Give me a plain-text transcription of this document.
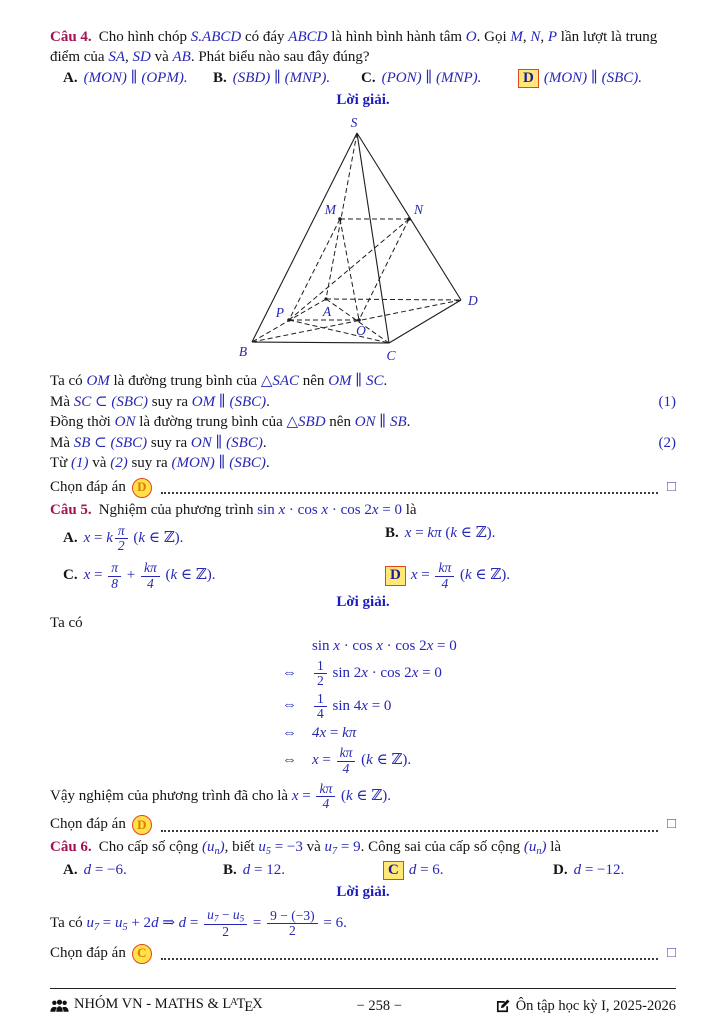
Câu 4. Cho hình chóp S.ABCD có đáy ABCD là hình bình hành tâm O. Gọi M, N, P lần lượt là trung điểm của SA, SD và AB. Phát biểu nào sau đây đúng?

A. (MON) ∥ (OPM).	B. (SBD) ∥ (MNP).	C. (PON) ∥ (MNP).	D (MON) ∥ (SBC).
Lời giải.
S
M	N
A
D
P
O
B	C
Ta có OM là đường trung bình của △SAC nên OM ∥ SC.
Mà SC ⊂ (SBC) suy ra OM ∥ (SBC).	(1)
Đồng thời ON là đường trung bình của △SBD nên ON ∥ SB.
Mà SB ⊂ (SBC) suy ra ON ∥ (SBC).	(2)
Từ (1) và (2) suy ra (MON) ∥ (SBC).
Chọn đáp án D	□

Câu 5. Nghiệm của phương trình sin x · cos x · cos 2x = 0 là

A. x = k $\frac{\pi}{2} (k$ ∈ ℤ).	B. x = kπ (k ∈ ℤ).
C. $x = \frac{\pi}{8} + \frac{k\pi}{4} (k$ ∈ ℤ).	D $x = \frac{k\pi}{4} (k$ ∈ ℤ).
Lời giải.

Ta có

sin x · cos x · cos 2x = 0
⇔	$\frac{1}{2}$ sin 2x · cos 2x = 0
⇔	$\frac{1}{4}$ sin 4x = 0
⇔	4x = kπ
⇔	$x = \frac{k\pi}{4} (k$ ∈ ℤ).

Vậy nghiệm của phương trình đã cho là $x = \frac{k\pi}{4} (k$ ∈ ℤ).

Chọn đáp án D	□

Câu 6. Cho cấp số cộng (un), biết u5 = −3 và u7 = 9. Công sai của cấp số cộng (un) là

A. d = −6.	B. d = 12.	C d = 6.	D. d = −12.
Lời giải.

Ta có u7 = u5 + 2d ⇒ $d = \frac{u7 - u5}{2} = \frac{9 - (-3)}{2} = 6$.

Chọn đáp án C	□
NHÓM VN - MATHS & $L^ATEX$	− 258 −	Ôn tập học kỳ I, 2025-2026
